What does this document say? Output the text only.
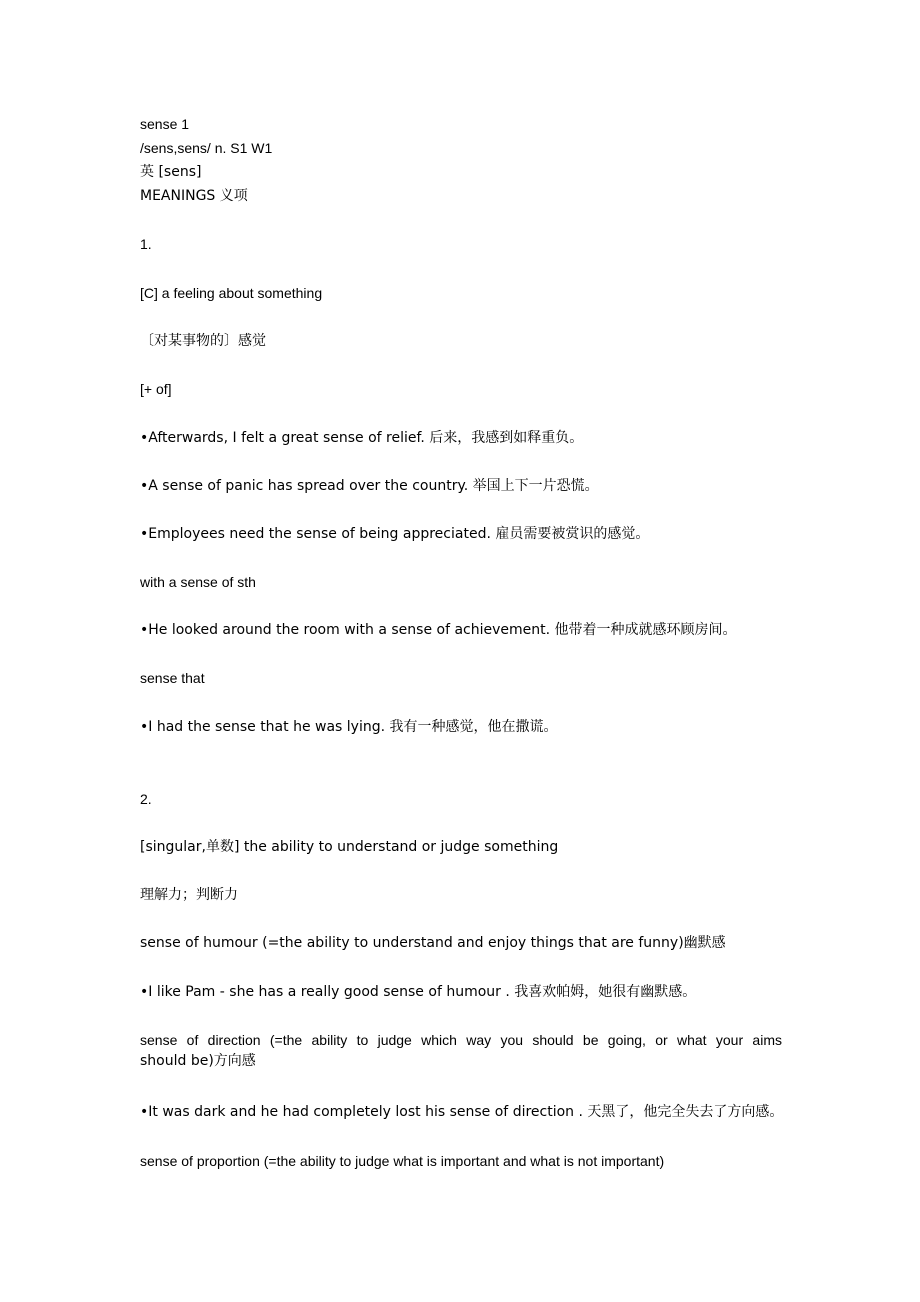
sense 1
/sens,sens/ n. S1 W1
英 [sens]
MEANINGS 义项
1.
[C] a feeling about something
〔对某事物的〕感觉
[+ of]
•Afterwards, I felt a great sense of relief. 后来，我感到如释重负。
•A sense of panic has spread over the country. 举国上下一片恐慌。
•Employees need the sense of being appreciated. 雇员需要被赏识的感觉。
with a sense of sth
•He looked around the room with a sense of achievement. 他带着一种成就感环顾房间。
sense that
•I had the sense that he was lying. 我有一种感觉，他在撒谎。
2.
[singular,单数] the ability to understand or judge something
理解力；判断力
sense of humour (=the ability to understand and enjoy things that are funny)幽默感
•I like Pam - she has a really good sense of humour . 我喜欢帕姆，她很有幽默感。
sense of direction (=the ability to judge which way you should be going, or what your aims
should be)方向感
•It was dark and he had completely lost his sense of direction . 天黑了，他完全失去了方向感。
sense of proportion (=the ability to judge what is important and what is not important)
